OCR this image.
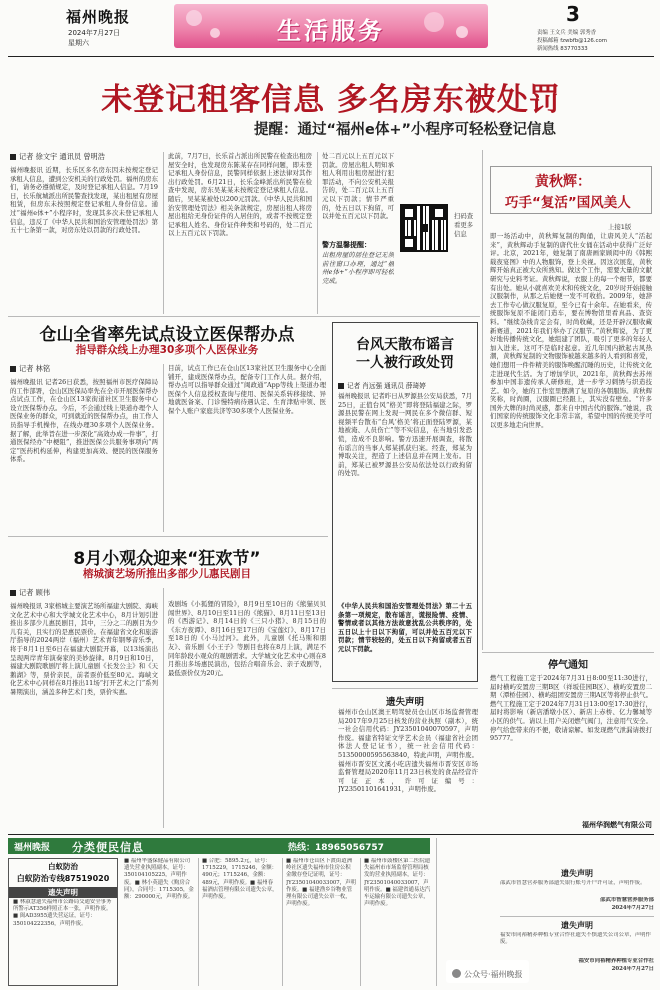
福州晚报
2024年7月27日
星期六	生活服务
3
责编 王文兵 美编 郭秀香
投稿邮箱 fzwbfb@126.com
新闻热线 83770333
未登记租客信息 多名房东被处罚
提醒：通过“福州e体+”小程序可轻松登记信息
记者 徐文宇 通讯员 曾明浩
福州晚报讯 近期，长乐区多名房东因未按规定登记承租人信息，遭到公安机关的行政处罚。福州的房东们，请务必遵循规定，及时登记承租人信息。7月19日，长乐航城派出所民警查找发现，某出租屋有房屋租赁，但房东未按照规定登记承租人身份信息。通过“福州e体+”小程序时，发现其多次未登记承租人信息，违反了《中华人民共和国治安管理处罚法》第五十七条第一款，对房东处以罚款的行政处罚。
此前，7月7日，长乐首占派出所民警在检查出租房屋安全时，也发现房东陈某存在同样问题，即未登记承租人身份信息，民警同样依据上述法律对其作出行政处罚。6月21日，长乐金峰派出所民警在检查中发现，房东吴某某未按规定登记承租人信息。随后，吴某某被处以200元罚款。《中华人民共和国治安管理处罚法》相关条款规定，房屋出租人将房屋出租给无身份证件的人居住的，或者不按规定登记承租人姓名、身份证件种类和号码的，处二百元以上五百元以下罚款。
处二百元以上五百元以下罚款。房屋出租人明知承租人利用出租房屋进行犯罪活动，不向公安机关报告的，处二百元以上五百元以下罚款；情节严重的，处五日以下拘留，可以并处五百元以下罚款。	扫码查看更多信息
警方温馨提醒：
出租房屋的居住登记无须前往窗口办理，通过“福州e体+”小程序即可轻松完成。
黄秋辉：
巧手“复活”国风美人
上接1版
即一场活动中，黄秋辉复制的陶俑，让唐风美人“活起来”，黄秋辉动手复制的唐代仕女俑在活动中获得广泛好评。北京，2021年，她复制了南唐画家顾闳中的《韩熙载夜宴图》中的人物服饰，登上央视。因这次展览，黄秋辉开始真正被大众所熟知。做这个工作，需要大量的文献研究与史料考证。黄秋辉说，衣服上的每一个细节，都要有出处。她从小就喜欢美术和传统文化，20岁时开始接触汉服制作，从那之后她便一发不可收拾。2009年，她辞去工作专心做汉服复原，至今已有十余年。在她看来，传统服饰复原不能闭门造车，要在博物馆里看真品、查资料。“继续杂线肯定会有，时尚收藏，还是开辟汉服收藏新赛道，2021年我们举办了汉服节。”黄秋辉说，为了更好地传播传统文化，她组建了团队，吸引了更多的年轻人加入进来。这可不是临时起意。近几年国内掀起古风热潮，黄秋辉复制的文物服饰被越来越多的人看到和喜爱，她们想用一件件精美的服饰唤醒沉睡的历史，让传统文化走进现代生活。为了增加学识，2021年，黄秋辉去苏州参加中国非遗传承人研修班，进一步学习刺绣与织造技艺。如今，她的工作室里摆满了复原的各朝服饰。黄秋辉笑称，时尚圈，汉服圈已经跟上，其实没有壁垒。“许多国外大牌的时尚灵感，都来自中国古代的服饰。”她说，我们国家的传统服饰文化非常丰富，希望中国的传统美学可以更多地走向世界。
仓山全省率先试点设立医保帮办点
指导群众线上办理30多项个人医保业务
记者 林铭
福州晚报讯 记者26日获悉，按照福州市医疗保障局的工作部署，仓山区医保局率先在全市开展医保帮办点试点工作，在仓山区13家街道社区卫生服务中心设立医保帮办点。今后，不会通过线上渠道办理个人医保业务的群众，可到就近的医保帮办点，由工作人员指导手机操作，在线办理30多项个人医保业务。据了解，此举旨在进一步深化“高效办成一件事”，打通医保经办“中梗阻”，推进医保公共服务事项向“两定”医药机构延伸，构建更加高效、便民的医保服务体系。
目前，试点工作已在仓山区13家社区卫生服务中心全面铺开，建成医保帮办点，配备专门工作人员。据介绍，帮办点可以指导群众通过“闽政通”App等线上渠道办理医保个人信息授权查询与使用、医保关系转移接续、异地就医备案、门诊慢特病待遇认定、生育津贴申领、医保个人账户家庭共济等30多项个人医保业务。
台风天散布谣言
一人被行政处罚
记者 肖远强 通讯员 薛琦婷
福州晚报讯 记者昨日从罗源县公安局获悉，7月25日，正值台风“格美”即将登陆福建之际，罗源县民警在网上发现一网民在多个微信群、短视频平台散布“台风‘格美’将正面登陆罗源，某地被淹、人员伤亡”等不实信息，在当地引发恐慌，造成不良影响。警方迅速开展调查，将散布谣言的当事人郑某抓获归案。经查，郑某为博取关注，捏造了上述信息并在网上发布。目前，郑某已被罗源县公安局依法处以行政拘留的处罚。
《中华人民共和国治安管理处罚法》第二十五条第一项规定，散布谣言，谎报险情、疫情、警情或者以其他方法故意扰乱公共秩序的，处五日以上十日以下拘留，可以并处五百元以下罚款；情节较轻的，处五日以下拘留或者五百元以下罚款。
8月小观众迎来“狂欢节”
榕城演艺场所推出多部少儿惠民剧目
记者 顾伟
福州晚报讯 3家榕城主要演艺场所福建大剧院、海峡文化艺术中心和大学城文化艺术中心，8月计划引进推出多部少儿惠民剧目，其中，三分之二的剧目为少儿有关，且实行的是惠民票价。在福建省文化和旅游厅指导的2024两岸（福州）艺术青年钢琴音乐季，将于8月1日至6日在福建大剧院开幕，以13场演出呈现两岸青年演奏家的美妙旋律。8月9日和10日，福建大剧院歌剧厅将上演儿童剧《长发公主》和《天鹅湖》等，票价亲民，前者票价低至80元。海峡文化艺术中心同样在8月推出11场“打开艺术之门”系列暑期演出，涵盖多种艺术门类，票价实惠。
戏剧场《小狐狸的冒险》，8月9日至10日的《熊猫贝贝闯世界》、8月10日至11日的《熊猫》、8月11日至13日的《西游记》、8月14日的《三只小猪》、8月15日的《东方夜谭》、8月16日至17日的《宝莲灯》、8月17日至18日的《小马过河》。此外，儿童剧《托马斯和朋友》、音乐剧《小王子》等剧目也将在8月上演，满足不同年龄段小观众的观剧需求。大学城文化艺术中心则在8月推出多场惠民演出，包括合唱音乐会、亲子戏剧等，最低票价仅为20元。
停气通知
燃气工程施工定于2024年7月31日8:00至11:30进行，届时横屿安置房三期B区（祥坂佳园B区）、横屿安置房二期（潭桥佳园）、横屿组团安置房三期A区等将停止供气。燃气工程施工定于2024年7月31日13:00至17:30进行，届时将影响（新店潘墩小区）、新店上赤桥、亿力馨城等小区的供气。请以上用户关闭燃气阀门，注意用气安全。停气给您带来的不便，敬请谅解。如发现燃气泄漏请拨打95777。
福州华润燃气有限公司
遗失声明
福州市仓山区澳王明驾驶员仓山区市场监督管理局2017年9月25日核发的营业执照（副本），统一社会信用代码：JY23501040070597，声明作废。福建省特证文学艺术会员（福建省社会团体法人登记证书），统一社会信用代码：51350000595563840，特此声明，声明作废。福州市晋安区文溪小吃店遗失福州市晋安区市场监督管理局2020年11月23日核发的食品经营许可证正本，许可证编号：JY23501101641931，声明作废。
福州晚报 分类便民信息	热线：18965056757
白蚁防治
白蚁防治专线87519020
遗失声明
■ 林淑慧遗失福州市公路局交通安全事务所警示AT356样照正本一张，声明作废。■ 闽AD3955遗失营运证，证号：350104222356，声明作废。
■ 福州华盛保健品有限公司遗失营业执照副本，证号：350104105225，声明作废。■ 林小英遗失《购房合同》，合同号：1715305，金额：290000元，声明作废。
■ 合肥：5895.2元，证号：1715229，1715246，金额：490元；1715246，金额：489元，声明作废。■ 福州春福酒店管理有限公司遗失公章，声明作废。
■ 福州市仓山区下渡街道洲岭社区遗失福州市住房公积金缴存登记证明，证号：JY23501040033007，声明作废。■ 福建渔乡谷物业管理有限公司遗失公章一枚，声明作废。
■ 福州市鼓楼区第二医院遗失福州市市场监督管理局核发的营业执照副本，证号：JY23501040033007，声明作废。■ 福建省通易达汽车运输有限公司遗失公章，声明作废。
遗失声明
邵武市智慧营养服务部遗失银行账号开户许可证，声明作废。
邵武市智慧营养服务部
2024年7月27日
遗失声明
福安市同裕精养种植专业合作社遗失不慎遗失公司公章，声明作废。
福安市同裕精养种植专业合作社
2024年7月27日
公众号·福州晚报
